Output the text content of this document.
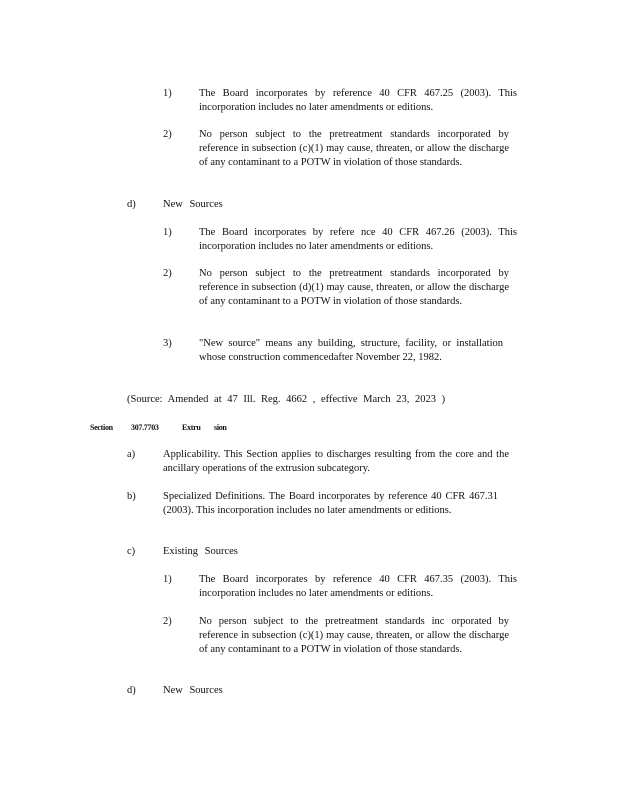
1)	The Board incorporates by reference 40 CFR 467.25 (2003). This incorporation includes no later amendments or editions.

2)	No person subject to the pretreatment standards incorporated by reference in subsection (c)(1) may cause, threaten, or allow the discharge of any contaminant to a POTW in violation of those standards.

d)	New Sources
1)	The Board incorporates by refere nce 40 CFR 467.26 (2003). This incorporation includes no later amendments or editions.

2)	No person subject to the pretreatment standards incorporated by reference in subsection (d)(1) may cause, threaten, or allow the discharge of any contaminant to a POTW in violation of those standards.

3)	"New source" means any building, structure, facility, or installation whose construction commencedafter November 22, 1982.

(Source: Amended at 47 Ill. Reg. 4662 , effective March 23, 2023 )
Section 307.7703	Extru sion
a)	Applicability. This Section applies to discharges resulting from the core and the ancillary operations of the extrusion subcategory.

b)	Specialized Definitions. The Board incorporates by reference 40 CFR 467.31 (2003). This incorporation includes no later amendments or editions.

c)	Existing Sources
1)	The Board incorporates by reference 40 CFR 467.35 (2003). This incorporation includes no later amendments or editions.

2)	No person subject to the pretreatment standards inc orporated by reference in subsection (c)(1) may cause, threaten, or allow the discharge of any contaminant to a POTW in violation of those standards.

d)	New Sources
